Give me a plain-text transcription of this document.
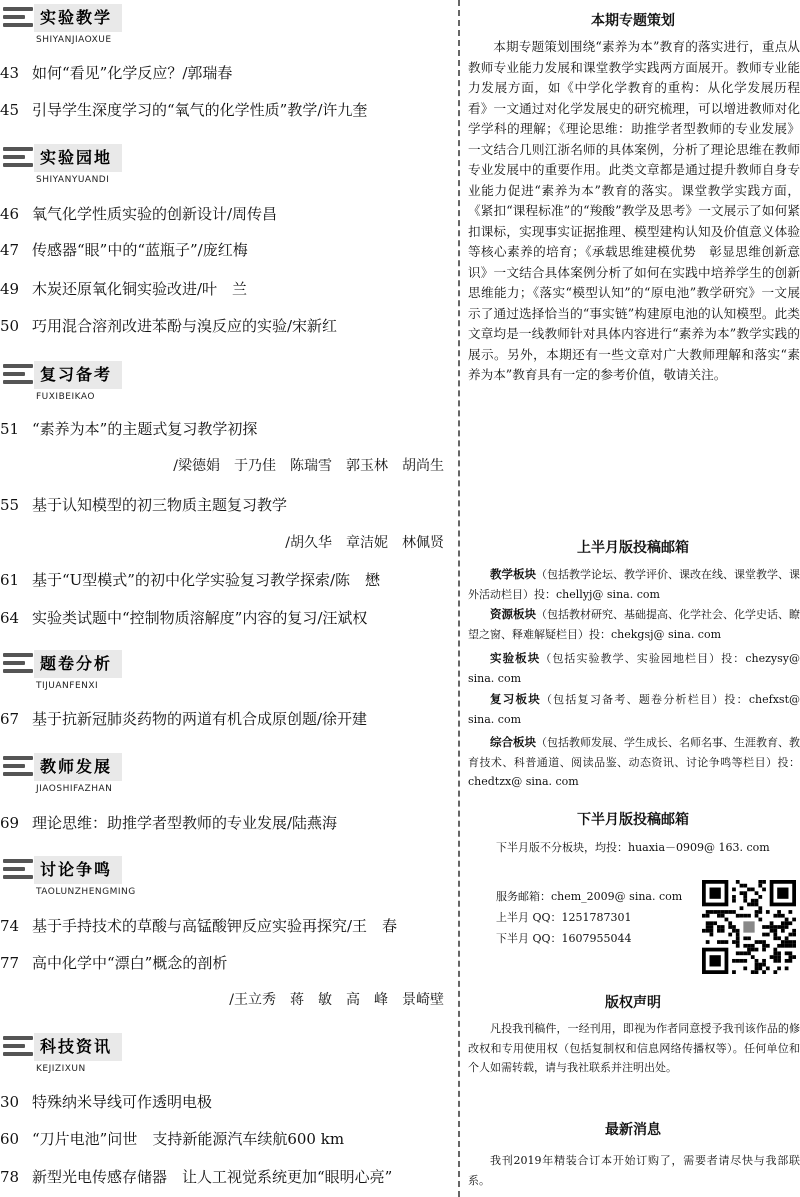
实验教学
SHIYANJIAOXUE
43 如何“看见”化学反应？/郭瑞春
45 引导学生深度学习的“氧气的化学性质”教学/许九奎
实验园地
SHIYANYUANDI
46 氧气化学性质实验的创新设计/周传昌
47 传感器“眼”中的“蓝瓶子”/庞红梅
49 木炭还原氧化铜实验改进/叶　兰
50 巧用混合溶剂改进苯酚与溴反应的实验/宋新红
复习备考
FUXIBEIKAO
51 “素养为本”的主题式复习教学初探
/梁德娟　于乃佳　陈瑞雪　郭玉林　胡尚生
55 基于认知模型的初三物质主题复习教学
/胡久华　章洁妮　林佩贤
61 基于“U型模式”的初中化学实验复习教学探索/陈　懋
64 实验类试题中“控制物质溶解度”内容的复习/汪斌权
题卷分析
TIJUANFENXI
67 基于抗新冠肺炎药物的两道有机合成原创题/徐开建
教师发展
JIAOSHIFAZHAN
69 理论思维：助推学者型教师的专业发展/陆燕海
讨论争鸣
TAOLUNZHENGMING
74 基于手持技术的草酸与高锰酸钾反应实验再探究/王　春
77 高中化学中“漂白”概念的剖析
/王立秀　蒋　敏　高　峰　景崎壁
科技资讯
KEJIZIXUN
30 特殊纳米导线可作透明电极
60 “刀片电池”问世　支持新能源汽车续航600 km
78 新型光电传感存储器　让人工视觉系统更加“眼明心亮”
本期专题策划

本期专题策划围绕“素养为本”教育的落实进行，重点从教师专业能力发展和课堂教学实践两方面展开。教师专业能力发展方面，如《中学化学教育的重构：从化学发展历程看》一文通过对化学发展史的研究梳理，可以增进教师对化学学科的理解；《理论思维：助推学者型教师的专业发展》一文结合几则江浙名师的具体案例，分析了理论思维在教师专业发展中的重要作用。此类文章都是通过提升教师自身专业能力促进“素养为本”教育的落实。课堂教学实践方面，《紧扣“课程标准”的“羧酸”教学及思考》一文展示了如何紧扣课标，实现事实证据推理、模型建构认知及价值意义体验等核心素养的培育；《承载思维建模优势　彰显思维创新意识》一文结合具体案例分析了如何在实践中培养学生的创新思维能力；《落实“模型认知”的“原电池”教学研究》一文展示了通过选择恰当的“事实链”构建原电池的认知模型。此类文章均是一线教师针对具体内容进行“素养为本”教学实践的展示。另外，本期还有一些文章对广大教师理解和落实“素养为本”教育具有一定的参考价值，敬请关注。

上半月版投稿邮箱

教学板块（包括教学论坛、教学评价、课改在线、课堂教学、课外活动栏目）投：chellyj@ sina. com

资源板块（包括教材研究、基础提高、化学社会、化学史话、瞭望之窗、释难解疑栏目）投：chekgsj@ sina. com

实验板块（包括实验教学、实验园地栏目）投：chezysy@ sina. com

复习板块（包括复习备考、题卷分析栏目）投：chefxst@ sina. com

综合板块（包括教师发展、学生成长、名师名事、生涯教育、教育技术、科普通道、阅读品鉴、动态资讯、讨论争鸣等栏目）投：chedtzx@ sina. com

下半月版投稿邮箱
下半月版不分板块，均投：huaxia－0909@ 163. com
服务邮箱：chem_2009@ sina. com
上半月 QQ：1251787301
下半月 QQ：1607955044
版权声明

凡投我刊稿件，一经刊用，即视为作者同意授予我刊该作品的修改权和专用使用权（包括复制权和信息网络传播权等）。任何单位和个人如需转载，请与我社联系并注明出处。

最新消息

我刊2019年精装合订本开始订购了，需要者请尽快与我部联系。
